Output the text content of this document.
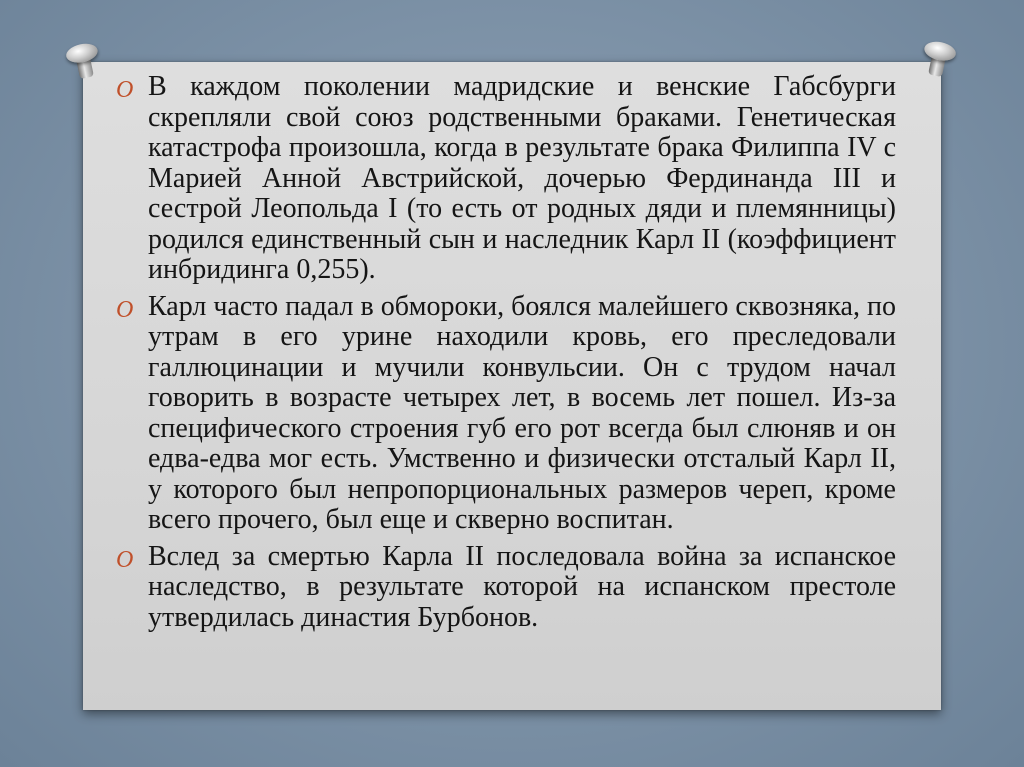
O В каждом поколении мадридские и венские Габсбурги скрепляли свой союз родственными браками. Генетическая катастрофа произошла, когда в результате брака Филиппа IV с Марией Анной Австрийской, дочерью Фердинанда III и сестрой Леопольда I (то есть от родных дяди и племянницы) родился единственный сын и наследник Карл II (коэффициент инбридинга 0,255).
O Карл часто падал в обмороки, боялся малейшего сквозняка, по утрам в его урине находили кровь, его преследовали галлюцинации и мучили конвульсии. Он с трудом начал говорить в возрасте четырех лет, в восемь лет пошел. Из-за специфического строения губ его рот всегда был слюняв и он едва-едва мог есть. Умственно и физически отсталый Карл II, у которого был непропорциональных размеров череп, кроме всего прочего, был еще и скверно воспитан.
O Вслед за смертью Карла II последовала война за испанское наследство, в результате которой на испанском престоле утвердилась династия Бурбонов.
